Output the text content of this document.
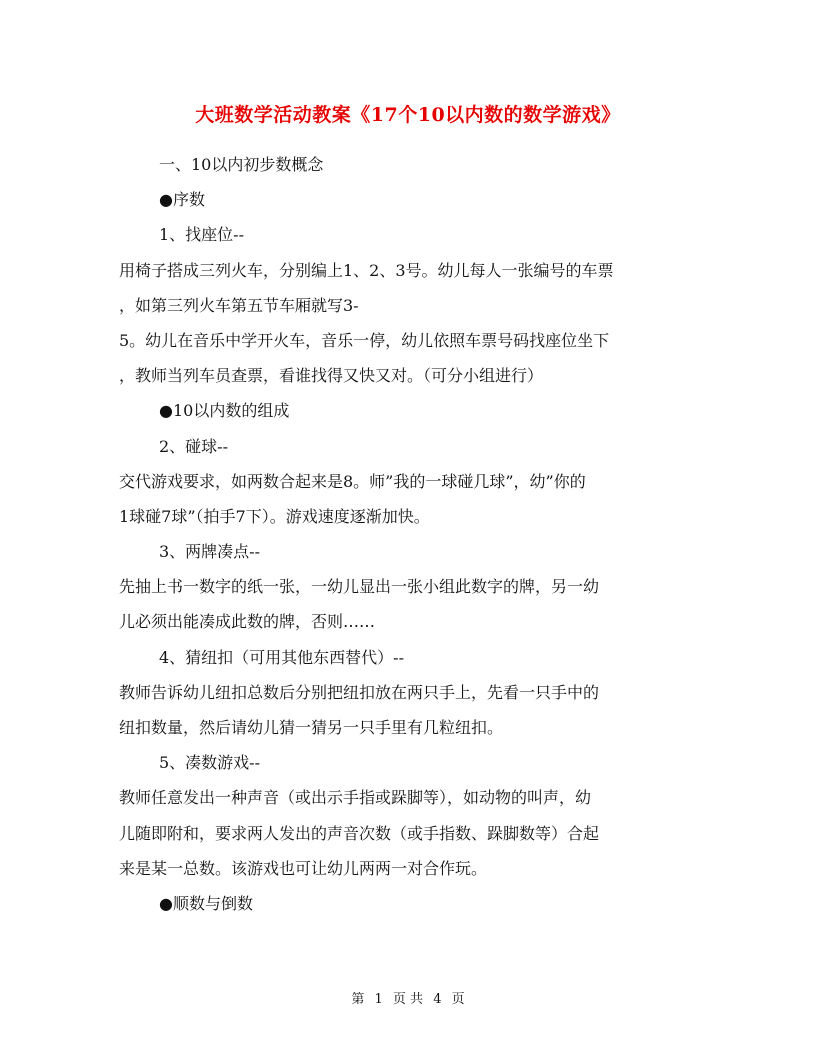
大班数学活动教案《17个10以内数的数学游戏》

一、10以内初步数概念

●序数

1、找座位--

用椅子搭成三列火车，分别编上1、2、3号。幼儿每人一张编号的车票

，如第三列火车第五节车厢就写3-

5。幼儿在音乐中学开火车，音乐一停，幼儿依照车票号码找座位坐下

，教师当列车员查票，看谁找得又快又对。（可分小组进行）

●10以内数的组成

2、碰球--

交代游戏要求，如两数合起来是8。师”我的一球碰几球”，幼”你的

1球碰7球”（拍手7下）。游戏速度逐渐加快。

3、两牌凑点--

先抽上书一数字的纸一张，一幼儿显出一张小组此数字的牌，另一幼

儿必须出能凑成此数的牌，否则……

4、猜纽扣（可用其他东西替代）--

教师告诉幼儿纽扣总数后分别把纽扣放在两只手上，先看一只手中的

纽扣数量，然后请幼儿猜一猜另一只手里有几粒纽扣。

5、凑数游戏--

教师任意发出一种声音（或出示手指或跺脚等），如动物的叫声，幼

儿随即附和，要求两人发出的声音次数（或手指数、跺脚数等）合起

来是某一总数。该游戏也可让幼儿两两一对合作玩。

●顺数与倒数

第 1 页 共 4 页
